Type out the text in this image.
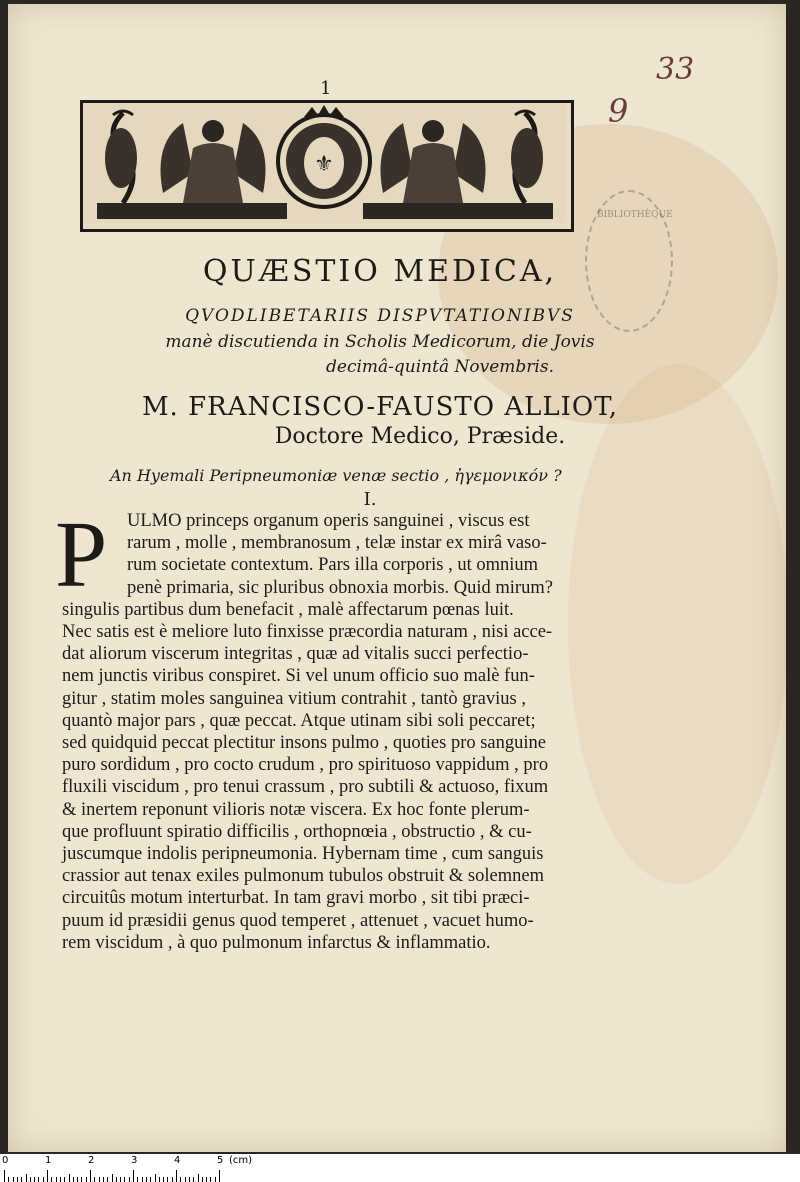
33
9
1
⚜
BIBLIOTHÈQUE
QUÆSTIO MEDICA,
QVODLIBETARIIS DISPVTATIONIBVS
manè discutienda in Scholis Medicorum, die Jovis
decimâ-quintâ Novembris.
M. FRANCISCO-FAUSTO ALLIOT,
Doctore Medico, Præside.
An Hyemali Peripneumoniæ venæ sectio , ἡγεμονικόν ?
I.
P ULMO princeps organum operis sanguinei , viscus est
rarum , molle , membranosum , telæ instar ex mirâ vaso-
rum societate contextum. Pars illa corporis , ut omnium
penè primaria, sic pluribus obnoxia morbis. Quid mirum?
singulis partibus dum benefacit , malè affectarum pœnas luit.
Nec satis est è meliore luto finxisse præcordia naturam , nisi acce-
dat aliorum viscerum integritas , quæ ad vitalis succi perfectio-
nem junctis viribus conspiret. Si vel unum officio suo malè fun-
gitur , statim moles sanguinea vitium contrahit , tantò gravius ,
quantò major pars , quæ peccat. Atque utinam sibi soli peccaret;
sed quidquid peccat plectitur insons pulmo , quoties pro sanguine
puro sordidum , pro cocto crudum , pro spirituoso vappidum , pro
fluxili viscidum , pro tenui crassum , pro subtili & actuoso, fixum
& inertem reponunt vilioris notæ viscera. Ex hoc fonte plerum-
que profluunt spiratio difficilis , orthopnœia , obstructio , & cu-
juscumque indolis peripneumonia. Hybernam time , cum sanguis
crassior aut tenax exiles pulmonum tubulos obstruit & solemnem
circuitûs motum interturbat. In tam gravi morbo , sit tibi præci-
puum id præsidii genus quod temperet , attenuet , vacuet humo-
rem viscidum , à quo pulmonum infarctus & inflammatio.
0	1	2	3	4	5 (cm)
